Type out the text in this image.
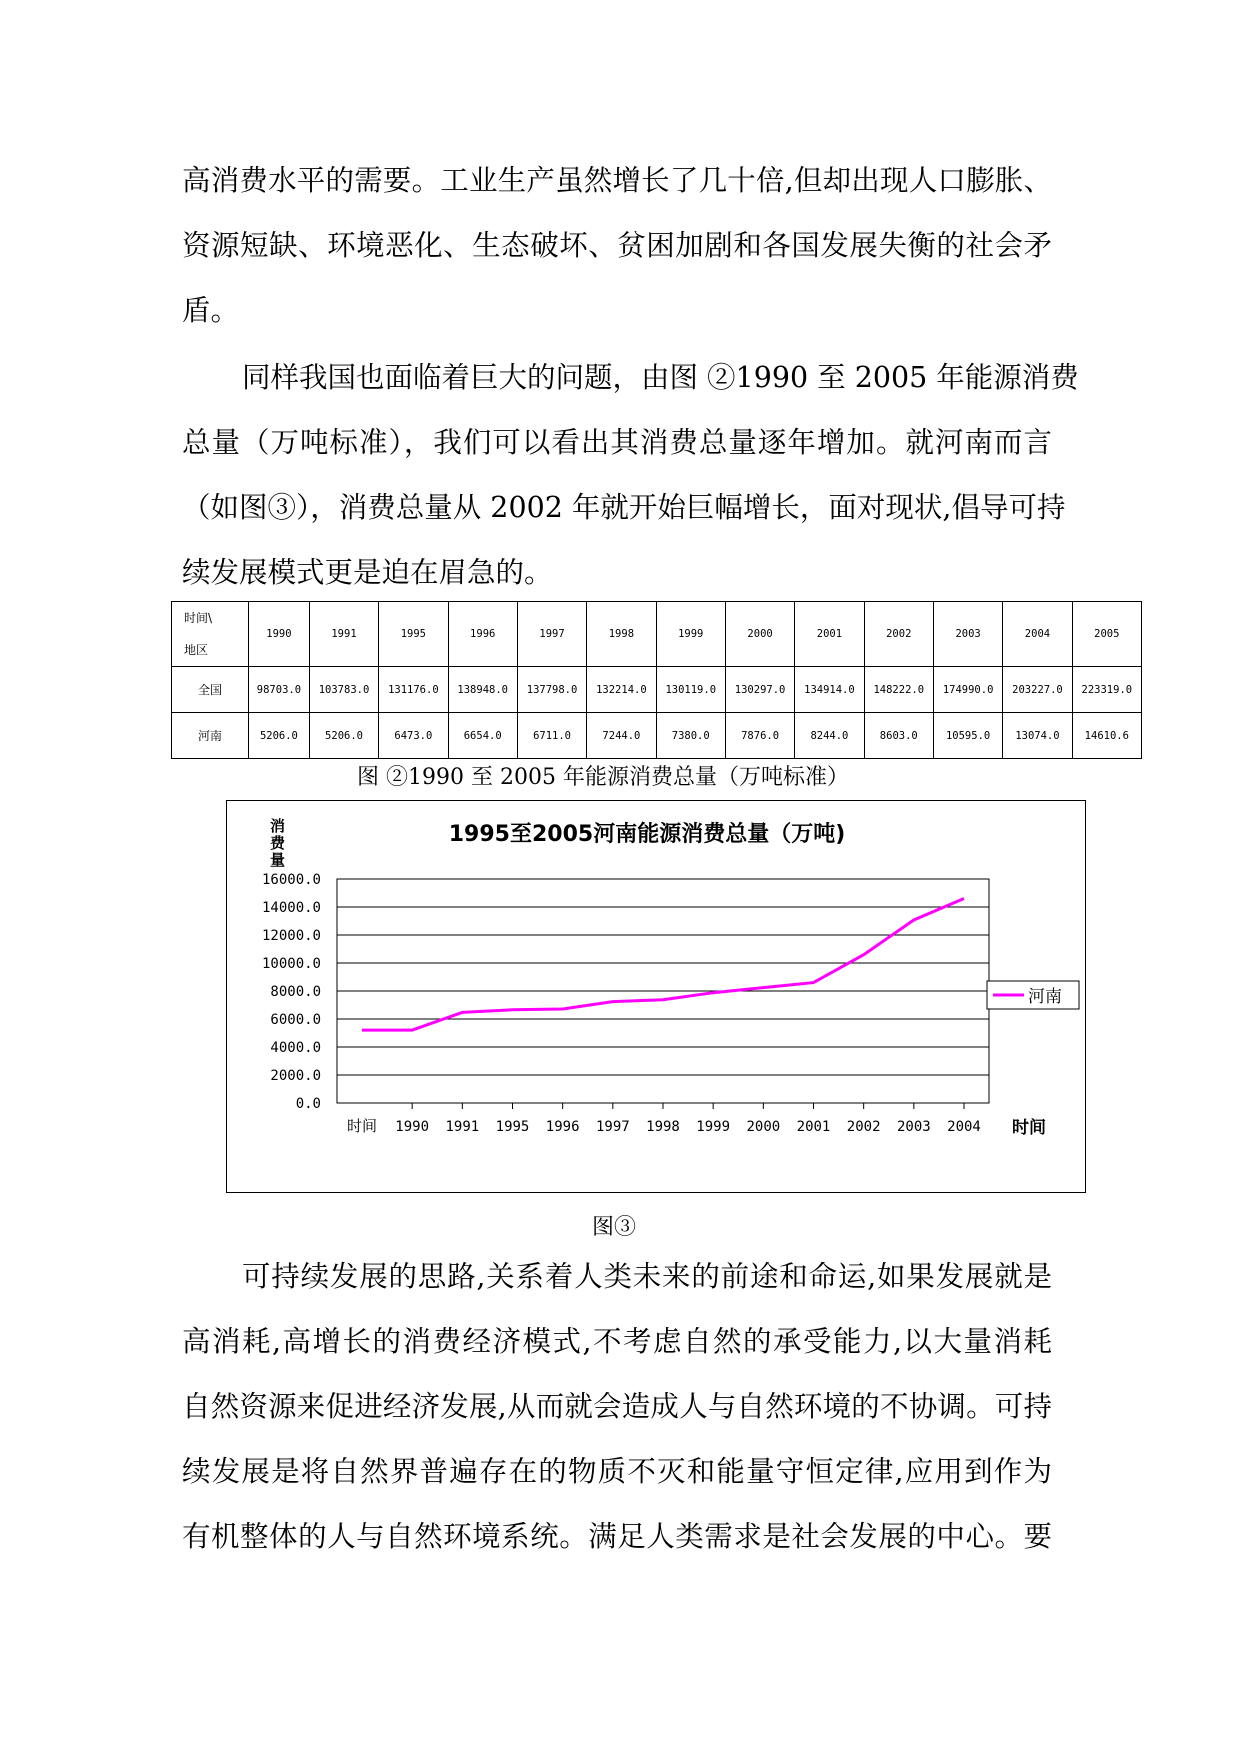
高消费水平的需要。工业生产虽然增长了几十倍,但却出现人口膨胀、
资源短缺、环境恶化、生态破坏、贫困加剧和各国发展失衡的社会矛
盾。
同样我国也面临着巨大的问题，由图 ②1990 至 2005 年能源消费
总量（万吨标准），我们可以看出其消费总量逐年增加。就河南而言
（如图③），消费总量从 2002 年就开始巨幅增长，面对现状,倡导可持
续发展模式更是迫在眉急的。
时间\
地区	1990	1991	1995	1996	1997	1998	1999	2000	2001	2002	2003	2004	2005
全国	98703.0	103783.0	131176.0	138948.0	137798.0	132214.0	130119.0	130297.0	134914.0	148222.0	174990.0	203227.0	223319.0
河南	5206.0	5206.0	6473.0	6654.0	6711.0	7244.0	7380.0	7876.0	8244.0	8603.0	10595.0	13074.0	14610.6
图 ②1990 至 2005 年能源消费总量（万吨标准）
0.0
2000.0
4000.0
6000.0
8000.0
10000.0
12000.0
14000.0
16000.0
时间 1990 1991 1995 1996 1997 1998 1999 2000 2001 2002 2003 2004
1995至2005河南能源消费总量（万吨)
消费量
时间
河南
图③
可持续发展的思路,关系着人类未来的前途和命运,如果发展就是
高消耗,高增长的消费经济模式,不考虑自然的承受能力,以大量消耗
自然资源来促进经济发展,从而就会造成人与自然环境的不协调。可持
续发展是将自然界普遍存在的物质不灭和能量守恒定律,应用到作为
有机整体的人与自然环境系统。满足人类需求是社会发展的中心。要
